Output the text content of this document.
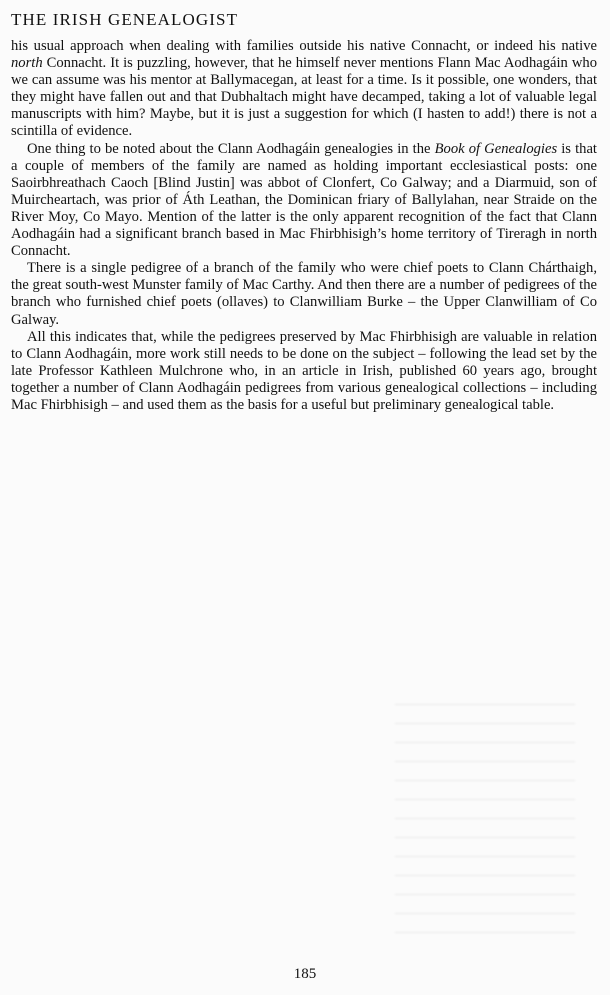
THE IRISH GENEALOGIST

his usual approach when dealing with families outside his native Connacht, or indeed his native north Connacht. It is puzzling, however, that he himself never mentions Flann Mac Aodhagáin who we can assume was his mentor at Ballymacegan, at least for a time. Is it possible, one wonders, that they might have fallen out and that Dubhaltach might have decamped, taking a lot of valuable legal manuscripts with him? Maybe, but it is just a suggestion for which (I hasten to add!) there is not a scintilla of evidence.

One thing to be noted about the Clann Aodhagáin genealogies in the Book of Genealogies is that a couple of members of the family are named as holding important ecclesiastical posts: one Saoirbhreathach Caoch [Blind Justin] was abbot of Clonfert, Co Galway; and a Diarmuid, son of Muircheartach, was prior of Áth Leathan, the Dominican friary of Ballylahan, near Straide on the River Moy, Co Mayo. Mention of the latter is the only apparent recognition of the fact that Clann Aodhagáin had a significant branch based in Mac Fhirbhisigh’s home territory of Tireragh in north Connacht.

There is a single pedigree of a branch of the family who were chief poets to Clann Chárthaigh, the great south-west Munster family of Mac Carthy. And then there are a number of pedigrees of the branch who furnished chief poets (ollaves) to Clanwilliam Burke – the Upper Clanwilliam of Co Galway.

All this indicates that, while the pedigrees preserved by Mac Fhirbhisigh are valuable in relation to Clann Aodhagáin, more work still needs to be done on the subject – following the lead set by the late Professor Kathleen Mulchrone who, in an article in Irish, published 60 years ago, brought together a number of Clann Aodhagáin pedigrees from various genealogical collections – including Mac Fhirbhisigh – and used them as the basis for a useful but preliminary genealogical table.

185
